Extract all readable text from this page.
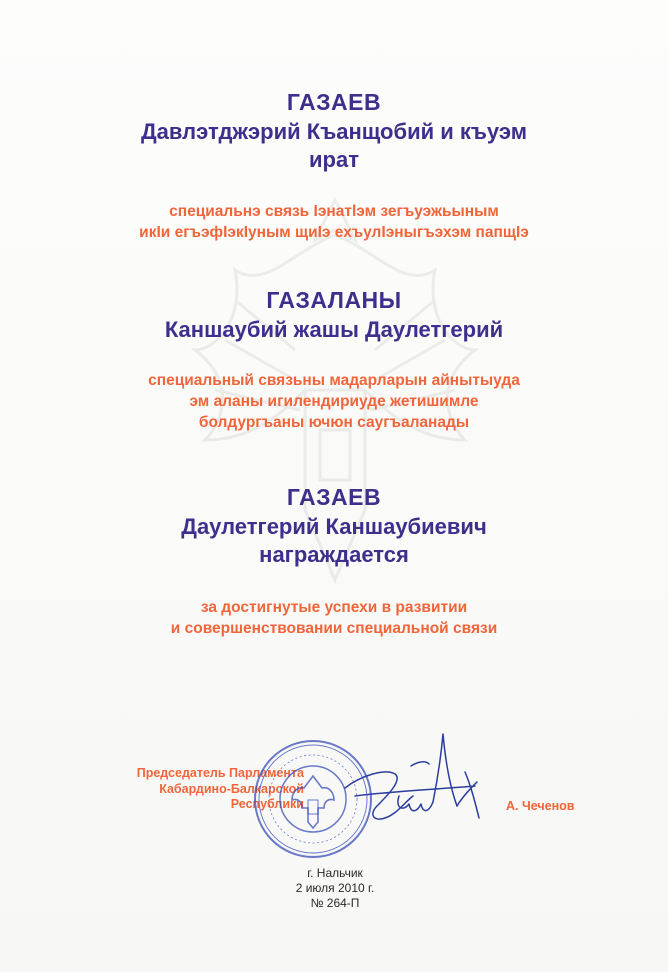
ГАЗАЕВ
Давлэтджэрий Къанщобий и къуэм
ират
специальнэ связь Iэнатlэм зегъуэжьыным
икIи егъэфIэкIуным щиIэ ехъулIэныгъэхэм папщIэ
ГАЗАЛАНЫ
Каншаубий жашы Даулетгерий
специальный связьны мадарларын айнытыуда
эм аланы игилендириуде жетишимле
болдургъаны ючюн саугъаланады
ГАЗАЕВ
Даулетгерий Каншаубиевич
награждается
за достигнутые успехи в развитии
и совершенствовании специальной связи
Председатель Парламента
Кабардино-Балкарской
Республики	А. Чеченов
г. Нальчик
2 июля 2010 г.
№ 264-П
